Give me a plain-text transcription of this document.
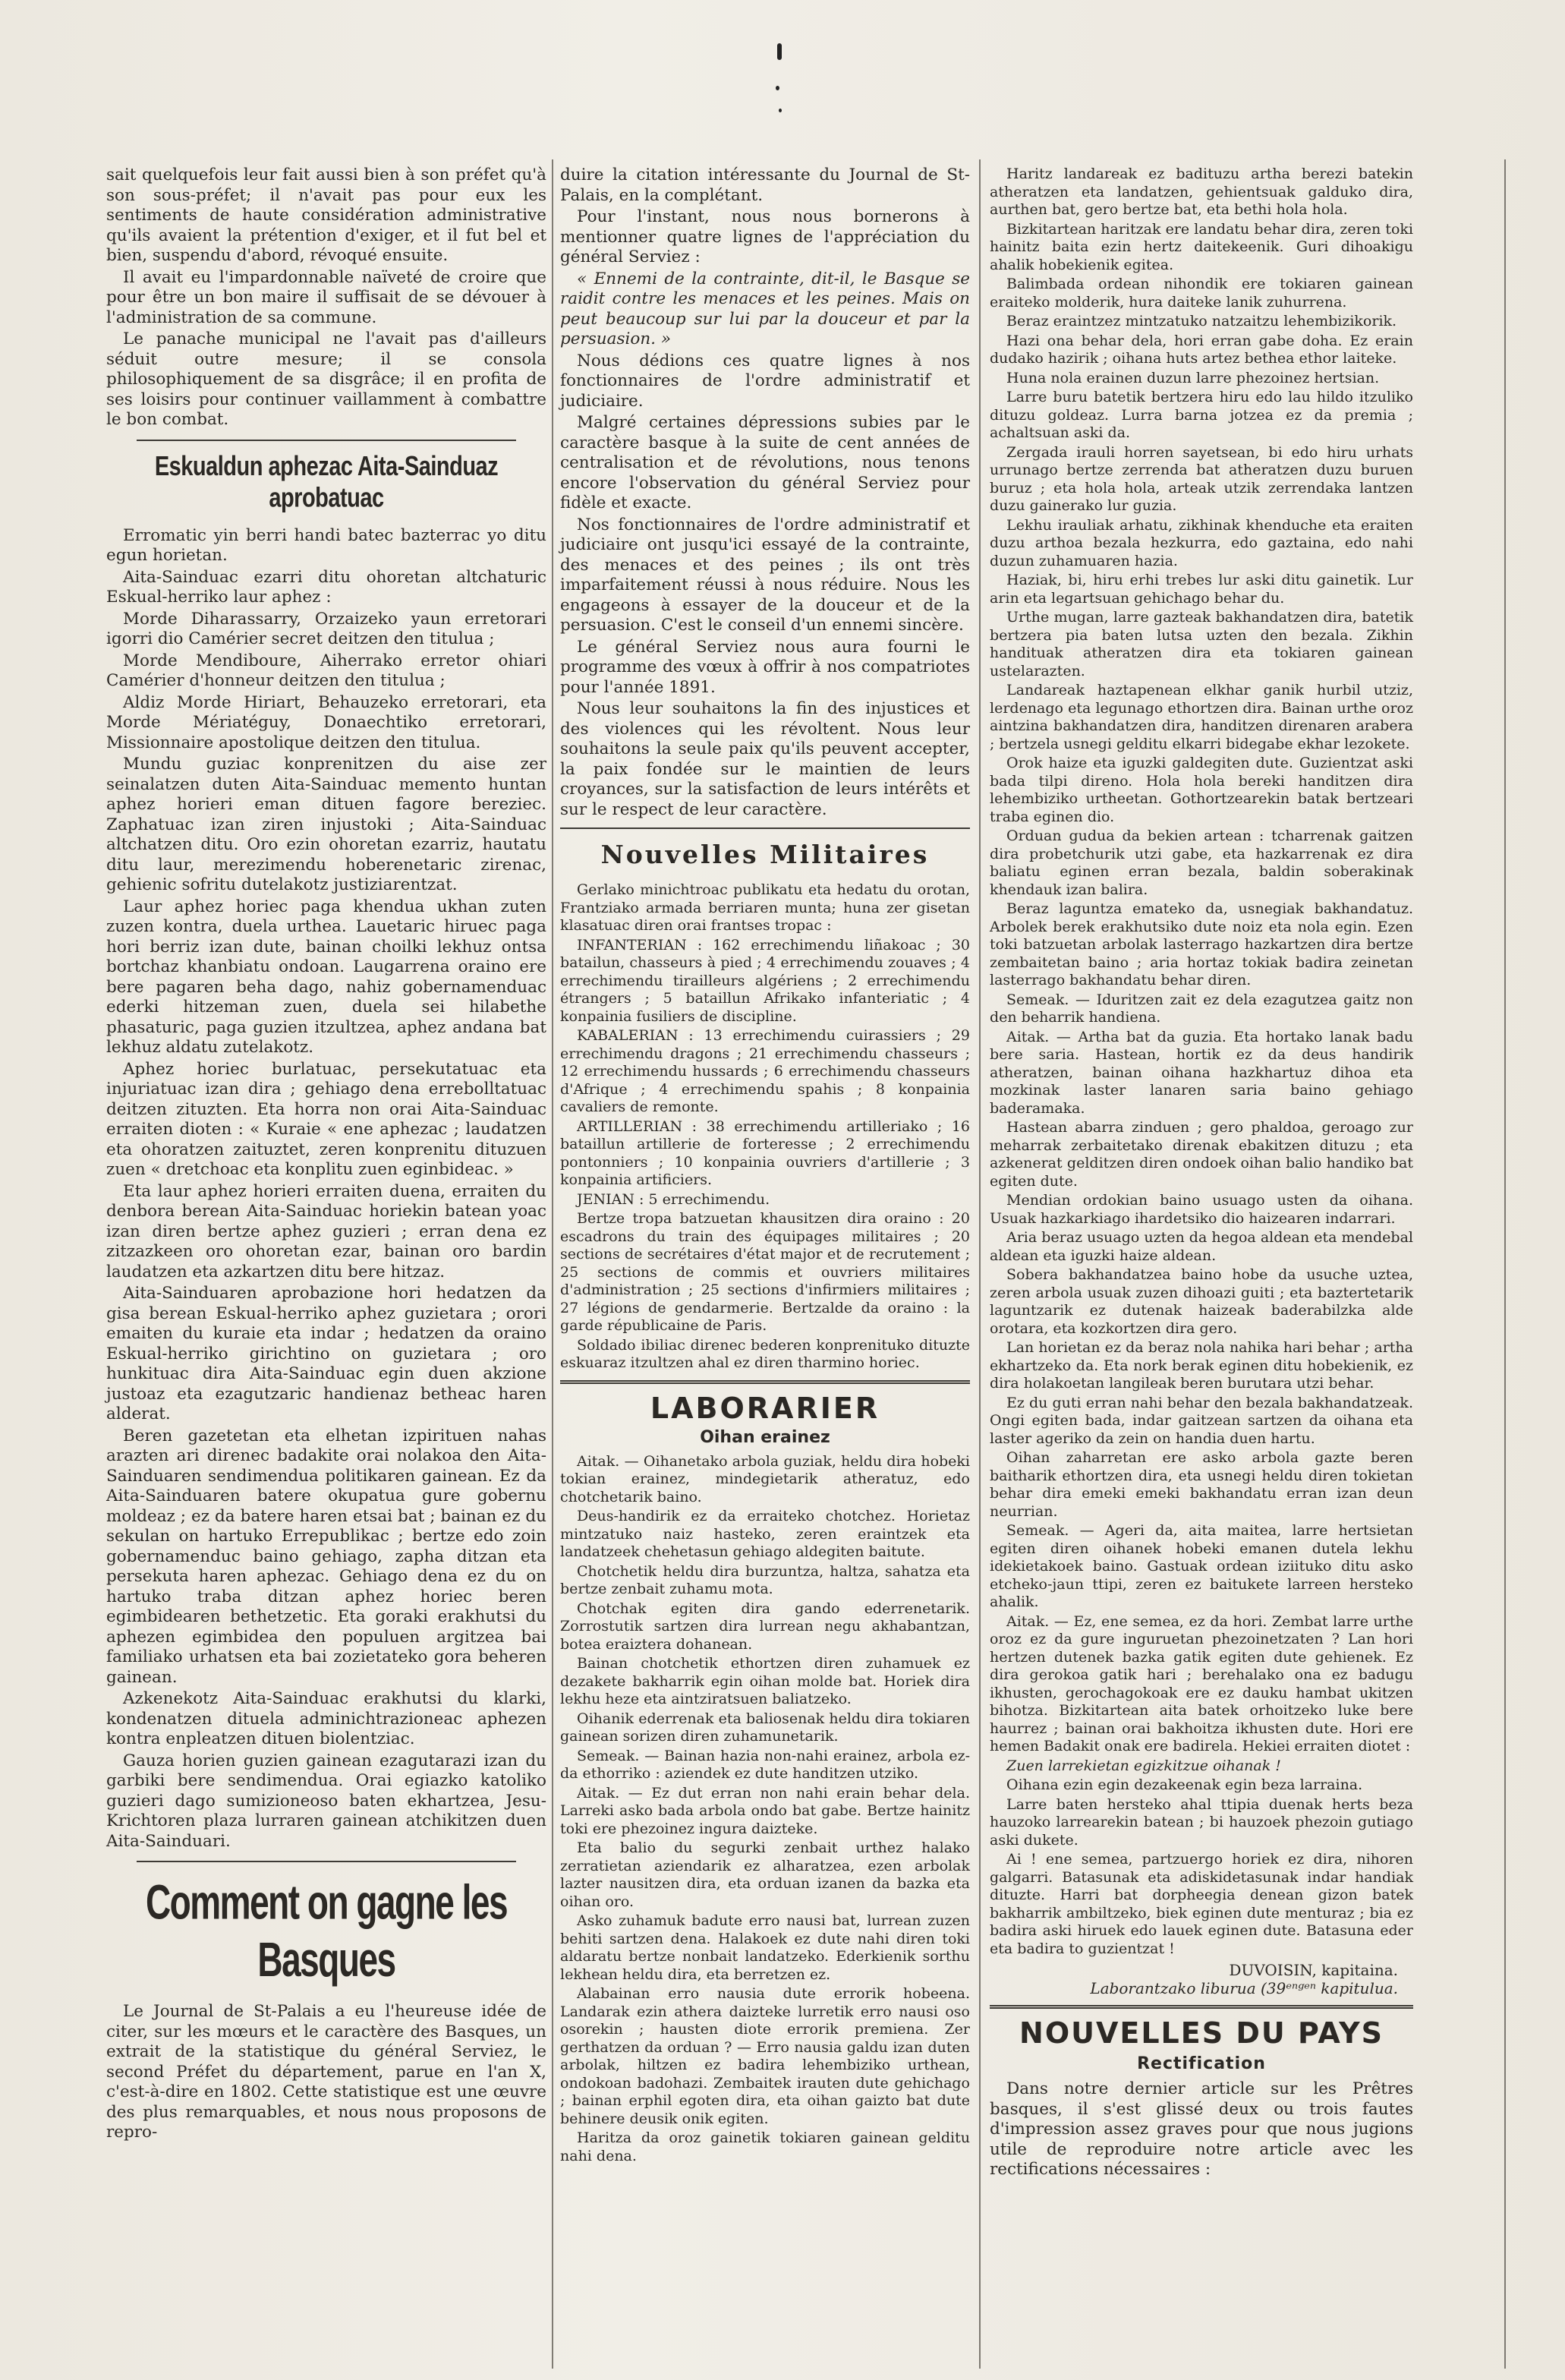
sait quelquefois leur fait aussi bien à son préfet qu'à son sous-préfet; il n'avait pas pour eux les sentiments de haute considération administrative qu'ils avaient la prétention d'exiger, et il fut bel et bien, suspendu d'abord, révoqué ensuite.

Il avait eu l'impardonnable naïveté de croire que pour être un bon maire il suffisait de se dévouer à l'administration de sa commune.

Le panache municipal ne l'avait pas d'ailleurs séduit outre mesure; il se consola philosophiquement de sa disgrâce; il en profita de ses loisirs pour continuer vaillamment à combattre le bon combat.

Eskualdun aphezac Aita-Sainduaz aprobatuac

Erromatic yin berri handi batec bazterrac yo ditu egun horietan.

Aita-Sainduac ezarri ditu ohoretan altchaturic Eskual-herriko laur aphez :

Morde Diharassarry, Orzaizeko yaun erretorari igorri dio Camérier secret deitzen den titulua ;

Morde Mendiboure, Aiherrako erretor ohiari Camérier d'honneur deitzen den titulua ;

Aldiz Morde Hiriart, Behauzeko erretorari, eta Morde Mériatéguy, Donaechtiko erretorari, Missionnaire apostolique deitzen den titulua.

Mundu guziac konprenitzen du aise zer seinalatzen duten Aita-Sainduac memento huntan aphez horieri eman dituen fagore bereziec. Zaphatuac izan ziren injustoki ; Aita-Sainduac altchatzen ditu. Oro ezin ohoretan ezarriz, hautatu ditu laur, merezimendu hoberenetaric zirenac, gehienic sofritu dutelakotz justiziarentzat.

Laur aphez horiec paga khendua ukhan zuten zuzen kontra, duela urthea. Lauetaric hiruec paga hori berriz izan dute, bainan choilki lekhuz ontsa bortchaz khanbiatu ondoan. Laugarrena oraino ere bere pagaren beha dago, nahiz gobernamenduac ederki hitzeman zuen, duela sei hilabethe phasaturic, paga guzien itzultzea, aphez andana bat lekhuz aldatu zutelakotz.

Aphez horiec burlatuac, persekutatuac eta injuriatuac izan dira ; gehiago dena errebolltatuac deitzen zituzten. Eta horra non orai Aita-Sainduac erraiten dioten : « Kuraie « ene aphezac ; laudatzen eta ohoratzen zaituztet, zeren konprenitu dituzuen zuen « dretchoac eta konplitu zuen eginbideac. »

Eta laur aphez horieri erraiten duena, erraiten du denbora berean Aita-Sainduac horiekin batean yoac izan diren bertze aphez guzieri ; erran dena ez zitzazkeen oro ohoretan ezar, bainan oro bardin laudatzen eta azkartzen ditu bere hitzaz.

Aita-Sainduaren aprobazione hori hedatzen da gisa berean Eskual-herriko aphez guzietara ; orori emaiten du kuraie eta indar ; hedatzen da oraino Eskual-herriko girichtino on guzietara ; oro hunkituac dira Aita-Sainduac egin duen akzione justoaz eta ezagutzaric handienaz betheac haren alderat.

Beren gazetetan eta elhetan izpirituen nahas arazten ari direnec badakite orai nolakoa den Aita-Sainduaren sendimendua politikaren gainean. Ez da Aita-Sainduaren batere okupatua gure gobernu moldeaz ; ez da batere haren etsai bat ; bainan ez du sekulan on hartuko Errepublikac ; bertze edo zoin gobernamenduc baino gehiago, zapha ditzan eta persekuta haren aphezac. Gehiago dena ez du on hartuko traba ditzan aphez horiec beren egimbidearen bethetzetic. Eta goraki erakhutsi du aphezen egimbidea den populuen argitzea bai familiako urhatsen eta bai zozietateko gora beheren gainean.

Azkenekotz Aita-Sainduac erakhutsi du klarki, kondenatzen dituela adminichtrazioneac aphezen kontra enpleatzen dituen biolentziac.

Gauza horien guzien gainean ezagutarazi izan du garbiki bere sendimendua. Orai egiazko katoliko guzieri dago sumizioneoso baten ekhartzea, Jesu-Krichtoren plaza lurraren gainean atchikitzen duen Aita-Sainduari.

Comment on gagne les Basques

Le Journal de St-Palais a eu l'heureuse idée de citer, sur les mœurs et le caractère des Basques, un extrait de la statistique du général Serviez, le second Préfet du département, parue en l'an X, c'est-à-dire en 1802. Cette statistique est une œuvre des plus remarquables, et nous nous proposons de repro-

duire la citation intéressante du Journal de St-Palais, en la complétant.

Pour l'instant, nous nous bornerons à mentionner quatre lignes de l'appréciation du général Serviez :

« Ennemi de la contrainte, dit-il, le Basque se raidit contre les menaces et les peines. Mais on peut beaucoup sur lui par la douceur et par la persuasion. »

Nous dédions ces quatre lignes à nos fonctionnaires de l'ordre administratif et judiciaire.

Malgré certaines dépressions subies par le caractère basque à la suite de cent années de centralisation et de révolutions, nous tenons encore l'observation du général Serviez pour fidèle et exacte.

Nos fonctionnaires de l'ordre administratif et judiciaire ont jusqu'ici essayé de la contrainte, des menaces et des peines ; ils ont très imparfaitement réussi à nous réduire. Nous les engageons à essayer de la douceur et de la persuasion. C'est le conseil d'un ennemi sincère.

Le général Serviez nous aura fourni le programme des vœux à offrir à nos compatriotes pour l'année 1891.

Nous leur souhaitons la fin des injustices et des violences qui les révoltent. Nous leur souhaitons la seule paix qu'ils peuvent accepter, la paix fondée sur le maintien de leurs croyances, sur la satisfaction de leurs intérêts et sur le respect de leur caractère.

Nouvelles Militaires

Gerlako minichtroac publikatu eta hedatu du orotan, Frantziako armada berriaren munta; huna zer gisetan klasatuac diren orai frantses tropac :

INFANTERIAN : 162 errechimendu liñakoac ; 30 batailun, chasseurs à pied ; 4 errechimendu zouaves ; 4 errechimendu tirailleurs algériens ; 2 errechimendu étrangers ; 5 bataillun Afrikako infanteriatic ; 4 konpainia fusiliers de discipline.

KABALERIAN : 13 errechimendu cuirassiers ; 29 errechimendu dragons ; 21 errechimendu chasseurs ; 12 errechimendu hussards ; 6 errechimendu chasseurs d'Afrique ; 4 errechimendu spahis ; 8 konpainia cavaliers de remonte.

ARTILLERIAN : 38 errechimendu artilleriako ; 16 bataillun artillerie de forteresse ; 2 errechimendu pontonniers ; 10 konpainia ouvriers d'artillerie ; 3 konpainia artificiers.

JENIAN : 5 errechimendu.

Bertze tropa batzuetan khausitzen dira oraino : 20 escadrons du train des équipages militaires ; 20 sections de secrétaires d'état major et de recrutement ; 25 sections de commis et ouvriers militaires d'administration ; 25 sections d'infirmiers militaires ; 27 légions de gendarmerie. Bertzalde da oraino : la garde républicaine de Paris.

Soldado ibiliac direnec bederen konprenituko dituzte eskuaraz itzultzen ahal ez diren tharmino horiec.

LABORARIER
Oihan erainez

Aitak. — Oihanetako arbola guziak, heldu dira hobeki tokian erainez, mindegietarik atheratuz, edo chotchetarik baino.

Deus-handirik ez da erraiteko chotchez. Horietaz mintzatuko naiz hasteko, zeren eraintzek eta landatzeek chehetasun gehiago aldegiten baitute.

Chotchetik heldu dira burzuntza, haltza, sahatza eta bertze zenbait zuhamu mota.

Chotchak egiten dira gando ederrenetarik. Zorrostutik sartzen dira lurrean negu akhabantzan, botea eraiztera dohanean.

Bainan chotchetik ethortzen diren zuhamuek ez dezakete bakharrik egin oihan molde bat. Horiek dira lekhu heze eta aintziratsuen baliatzeko.

Oihanik ederrenak eta baliosenak heldu dira tokiaren gainean sorizen diren zuhamunetarik.

Semeak. — Bainan hazia non-nahi erainez, arbola ez-da ethorriko : aziendek ez dute handitzen utziko.

Aitak. — Ez dut erran non nahi erain behar dela. Larreki asko bada arbola ondo bat gabe. Bertze hainitz toki ere phezoinez ingura daizteke.

Eta balio du segurki zenbait urthez halako zerratietan aziendarik ez alharatzea, ezen arbolak lazter nausitzen dira, eta orduan izanen da bazka eta oihan oro.

Asko zuhamuk badute erro nausi bat, lurrean zuzen behiti sartzen dena. Halakoek ez dute nahi diren toki aldaratu bertze nonbait landatzeko. Ederkienik sorthu lekhean heldu dira, eta berretzen ez.

Alabainan erro nausia dute errorik hobeena. Landarak ezin athera daizteke lurretik erro nausi oso osorekin ; hausten diote errorik premiena. Zer gerthatzen da orduan ? — Erro nausia galdu izan duten arbolak, hiltzen ez badira lehembiziko urthean, ondokoan badohazi. Zembaitek irauten dute gehichago ; bainan erphil egoten dira, eta oihan gaizto bat dute behinere deusik onik egiten.

Haritza da oroz gainetik tokiaren gainean gelditu nahi dena.

Haritz landareak ez badituzu artha berezi batekin atheratzen eta landatzen, gehientsuak galduko dira, aurthen bat, gero bertze bat, eta bethi hola hola.

Bizkitartean haritzak ere landatu behar dira, zeren toki hainitz baita ezin hertz daitekeenik. Guri dihoakigu ahalik hobekienik egitea.

Balimbada ordean nihondik ere tokiaren gainean eraiteko molderik, hura daiteke lanik zuhurrena.

Beraz eraintzez mintzatuko natzaitzu lehembizikorik.

Hazi ona behar dela, hori erran gabe doha. Ez erain dudako hazirik ; oihana huts artez bethea ethor laiteke.

Huna nola erainen duzun larre phezoinez hertsian.

Larre buru batetik bertzera hiru edo lau hildo itzuliko dituzu goldeaz. Lurra barna jotzea ez da premia ; achaltsuan aski da.

Zergada irauli horren sayetsean, bi edo hiru urhats urrunago bertze zerrenda bat atheratzen duzu buruen buruz ; eta hola hola, arteak utzik zerrendaka lantzen duzu gainerako lur guzia.

Lekhu irauliak arhatu, zikhinak khenduche eta eraiten duzu arthoa bezala hezkurra, edo gaztaina, edo nahi duzun zuhamuaren hazia.

Haziak, bi, hiru erhi trebes lur aski ditu gainetik. Lur arin eta legartsuan gehichago behar du.

Urthe mugan, larre gazteak bakhandatzen dira, batetik bertzera pia baten lutsa uzten den bezala. Zikhin handituak atheratzen dira eta tokiaren gainean ustelarazten.

Landareak haztapenean elkhar ganik hurbil utziz, lerdenago eta legunago ethortzen dira. Bainan urthe oroz aintzina bakhandatzen dira, handitzen direnaren arabera ; bertzela usnegi gelditu elkarri bidegabe ekhar lezokete.

Orok haize eta iguzki galdegiten dute. Guzientzat aski bada tilpi direno. Hola hola bereki handitzen dira lehembiziko urtheetan. Gothortzearekin batak bertzeari traba eginen dio.

Orduan gudua da bekien artean : tcharrenak gaitzen dira probetchurik utzi gabe, eta hazkarrenak ez dira baliatu eginen erran bezala, baldin soberakinak khendauk izan balira.

Beraz laguntza emateko da, usnegiak bakhandatuz. Arbolek berek erakhutsiko dute noiz eta nola egin. Ezen toki batzuetan arbolak lasterrago hazkartzen dira bertze zembaitetan baino ; aria hortaz tokiak badira zeinetan lasterrago bakhandatu behar diren.

Semeak. — Iduritzen zait ez dela ezagutzea gaitz non den beharrik handiena.

Aitak. — Artha bat da guzia. Eta hortako lanak badu bere saria. Hastean, hortik ez da deus handirik atheratzen, bainan oihana hazkhartuz dihoa eta mozkinak laster lanaren saria baino gehiago baderamaka.

Hastean abarra zinduen ; gero phaldoa, geroago zur meharrak zerbaitetako direnak ebakitzen dituzu ; eta azkenerat gelditzen diren ondoek oihan balio handiko bat egiten dute.

Mendian ordokian baino usuago usten da oihana. Usuak hazkarkiago ihardetsiko dio haizearen indarrari.

Aria beraz usuago uzten da hegoa aldean eta mendebal aldean eta iguzki haize aldean.

Sobera bakhandatzea baino hobe da usuche uztea, zeren arbola usuak zuzen dihoazi guiti ; eta baztertetarik laguntzarik ez dutenak haizeak baderabilzka alde orotara, eta kozkortzen dira gero.

Lan horietan ez da beraz nola nahika hari behar ; artha ekhartzeko da. Eta nork berak eginen ditu hobekienik, ez dira holakoetan langileak beren burutara utzi behar.

Ez du guti erran nahi behar den bezala bakhandatzeak. Ongi egiten bada, indar gaitzean sartzen da oihana eta laster ageriko da zein on handia duen hartu.

Oihan zaharretan ere asko arbola gazte beren baitharik ethortzen dira, eta usnegi heldu diren tokietan behar dira emeki emeki bakhandatu erran izan deun neurrian.

Semeak. — Ageri da, aita maitea, larre hertsietan egiten diren oihanek hobeki emanen dutela lekhu idekietakoek baino. Gastuak ordean iziituko ditu asko etcheko-jaun ttipi, zeren ez baitukete larreen hersteko ahalik.

Aitak. — Ez, ene semea, ez da hori. Zembat larre urthe oroz ez da gure inguruetan phezoinetzaten ? Lan hori hertzen dutenek bazka gatik egiten dute gehienek. Ez dira gerokoa gatik hari ; berehalako ona ez badugu ikhusten, gerochagokoak ere ez dauku hambat ukitzen bihotza. Bizkitartean aita batek orhoitzeko luke bere haurrez ; bainan orai bakhoitza ikhusten dute. Hori ere hemen Badakit onak ere badirela. Hekiei erraiten diotet :

Zuen larrekietan egizkitzue oihanak !

Oihana ezin egin dezakeenak egin beza larraina.

Larre baten hersteko ahal ttipia duenak herts beza hauzoko larrearekin batean ; bi hauzoek phezoin gutiago aski dukete.

Ai ! ene semea, partzuergo horiek ez dira, nihoren galgarri. Batasunak eta adiskidetasunak indar handiak dituzte. Harri bat dorpheegia denean gizon batek bakharrik ambiltzeko, biek eginen dute menturaz ; bia ez badira aski hiruek edo lauek eginen dute. Batasuna eder eta badira to guzientzat !

DUVOISIN, kapitaina.
Laborantzako liburua (39ᵉⁿᵍᵉⁿ kapitulua.
NOUVELLES DU PAYS
Rectification

Dans notre dernier article sur les Prêtres basques, il s'est glissé deux ou trois fautes d'impression assez graves pour que nous jugions utile de reproduire notre article avec les rectifications nécessaires :
